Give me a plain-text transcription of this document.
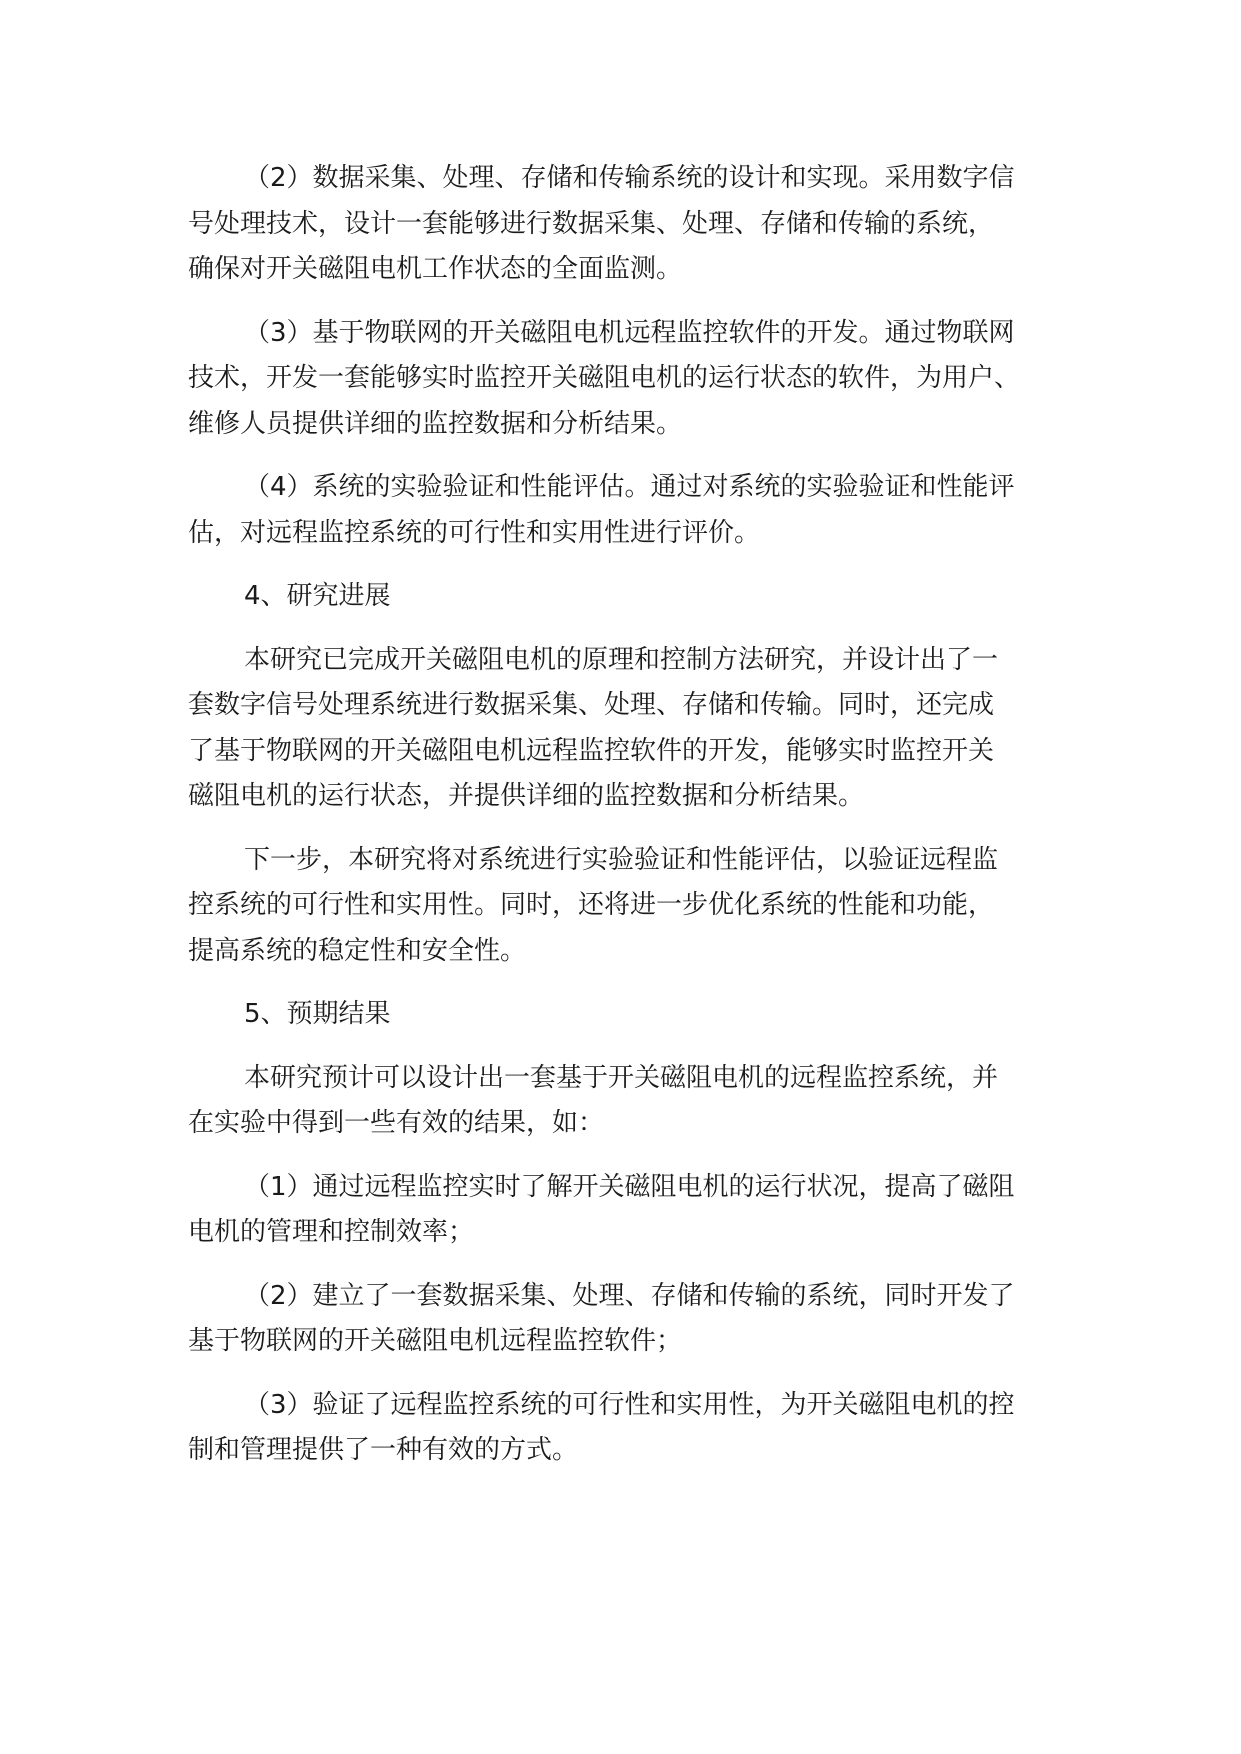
（2）数据采集、处理、存储和传输系统的设计和实现。采用数字信
号处理技术，设计一套能够进行数据采集、处理、存储和传输的系统，
确保对开关磁阻电机工作状态的全面监测。
（3）基于物联网的开关磁阻电机远程监控软件的开发。通过物联网
技术，开发一套能够实时监控开关磁阻电机的运行状态的软件，为用户、
维修人员提供详细的监控数据和分析结果。
（4）系统的实验验证和性能评估。通过对系统的实验验证和性能评
估，对远程监控系统的可行性和实用性进行评价。
4、研究进展
本研究已完成开关磁阻电机的原理和控制方法研究，并设计出了一
套数字信号处理系统进行数据采集、处理、存储和传输。同时，还完成
了基于物联网的开关磁阻电机远程监控软件的开发，能够实时监控开关
磁阻电机的运行状态，并提供详细的监控数据和分析结果。
下一步，本研究将对系统进行实验验证和性能评估，以验证远程监
控系统的可行性和实用性。同时，还将进一步优化系统的性能和功能，
提高系统的稳定性和安全性。
5、预期结果
本研究预计可以设计出一套基于开关磁阻电机的远程监控系统，并
在实验中得到一些有效的结果，如：
（1）通过远程监控实时了解开关磁阻电机的运行状况，提高了磁阻
电机的管理和控制效率；
（2）建立了一套数据采集、处理、存储和传输的系统，同时开发了
基于物联网的开关磁阻电机远程监控软件；
（3）验证了远程监控系统的可行性和实用性，为开关磁阻电机的控
制和管理提供了一种有效的方式。
